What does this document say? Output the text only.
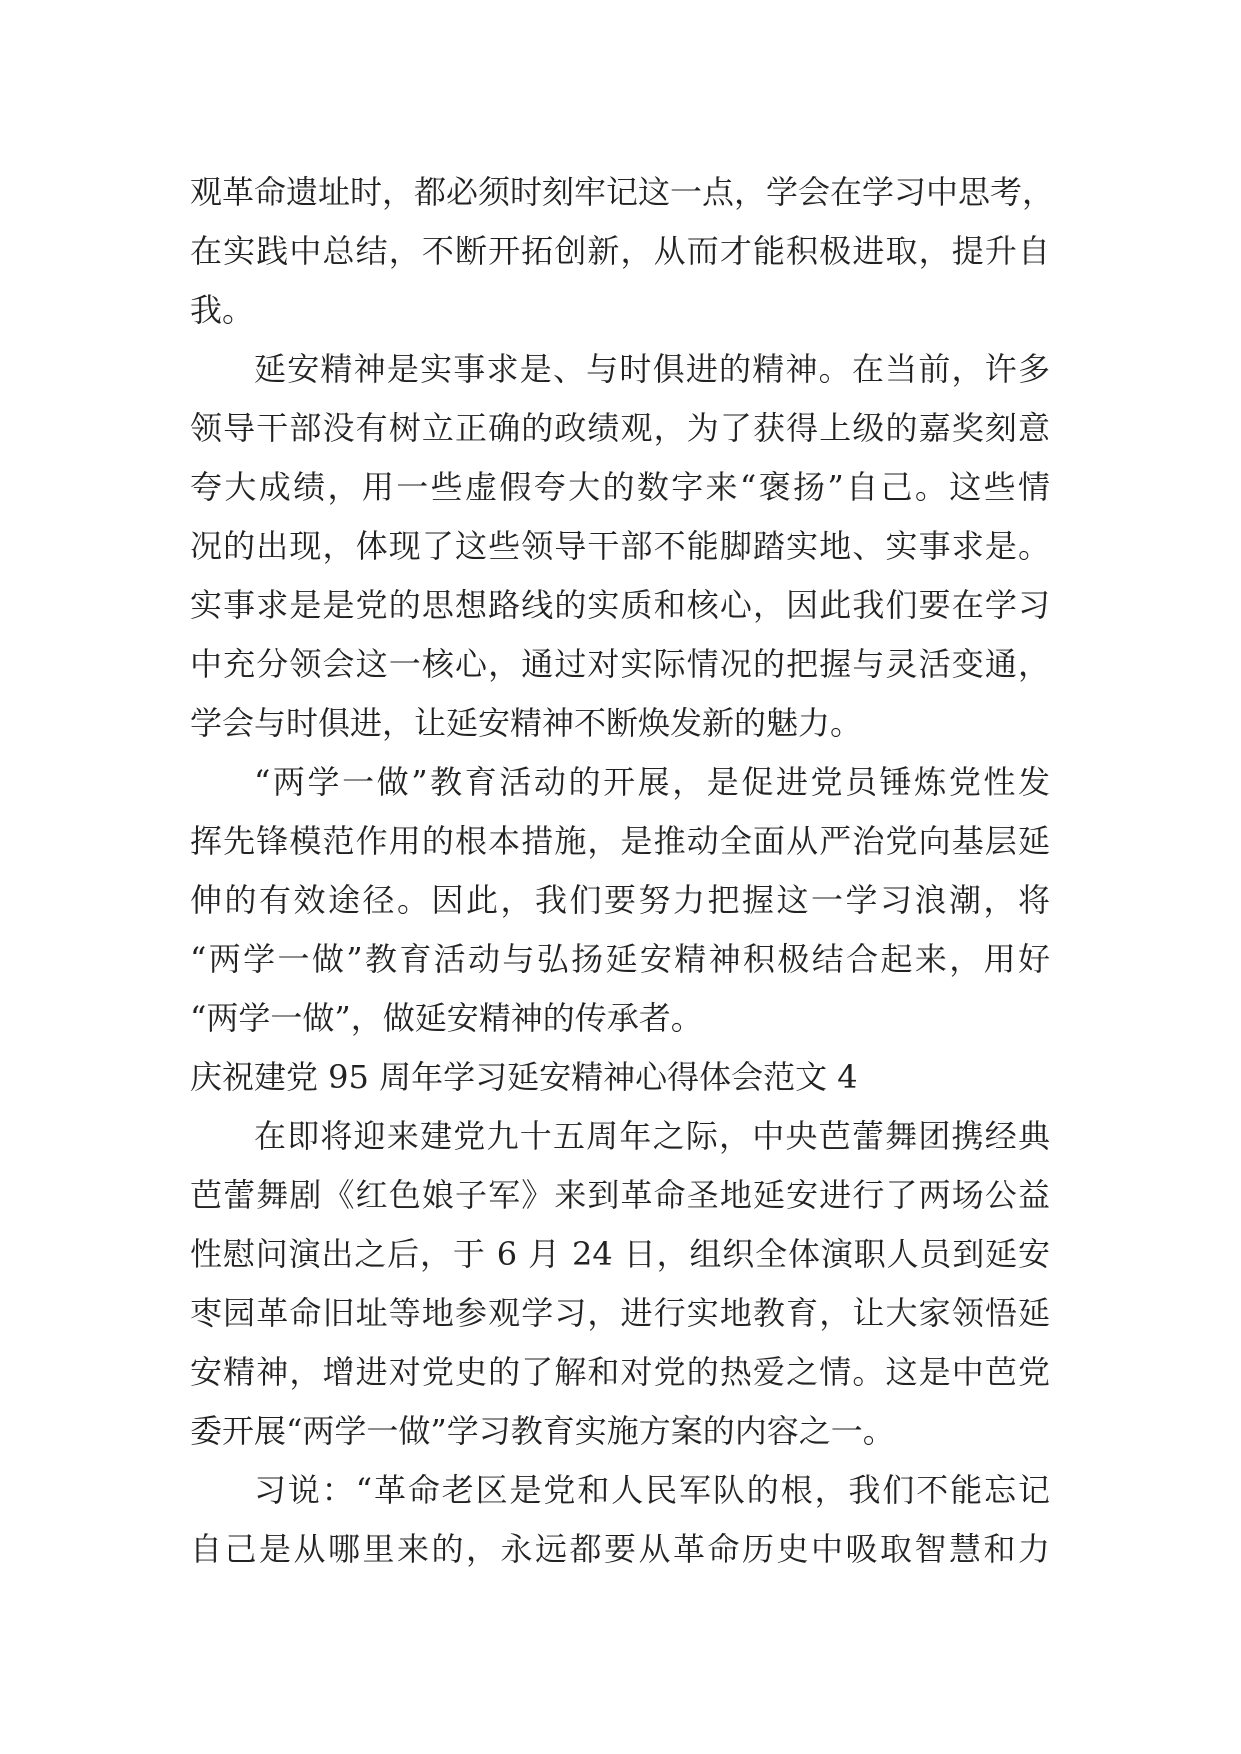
观革命遗址时，都必须时刻牢记这一点，学会在学习中思考，
在实践中总结，不断开拓创新，从而才能积极进取，提升自
我。
延安精神是实事求是、与时俱进的精神。在当前，许多
领导干部没有树立正确的政绩观，为了获得上级的嘉奖刻意
夸大成绩，用一些虚假夸大的数字来“褒扬”自己。这些情
况的出现，体现了这些领导干部不能脚踏实地、实事求是。
实事求是是党的思想路线的实质和核心，因此我们要在学习
中充分领会这一核心，通过对实际情况的把握与灵活变通，
学会与时俱进，让延安精神不断焕发新的魅力。
“两学一做”教育活动的开展，是促进党员锤炼党性发
挥先锋模范作用的根本措施，是推动全面从严治党向基层延
伸的有效途径。因此，我们要努力把握这一学习浪潮，将
“两学一做”教育活动与弘扬延安精神积极结合起来，用好
“两学一做”，做延安精神的传承者。
庆祝建党 95 周年学习延安精神心得体会范文 4
在即将迎来建党九十五周年之际，中央芭蕾舞团携经典
芭蕾舞剧《红色娘子军》来到革命圣地延安进行了两场公益
性慰问演出之后，于 6 月 24 日，组织全体演职人员到延安
枣园革命旧址等地参观学习，进行实地教育，让大家领悟延
安精神，增进对党史的了解和对党的热爱之情。这是中芭党
委开展“两学一做”学习教育实施方案的内容之一。
习说：“革命老区是党和人民军队的根，我们不能忘记
自己是从哪里来的，永远都要从革命历史中吸取智慧和力
